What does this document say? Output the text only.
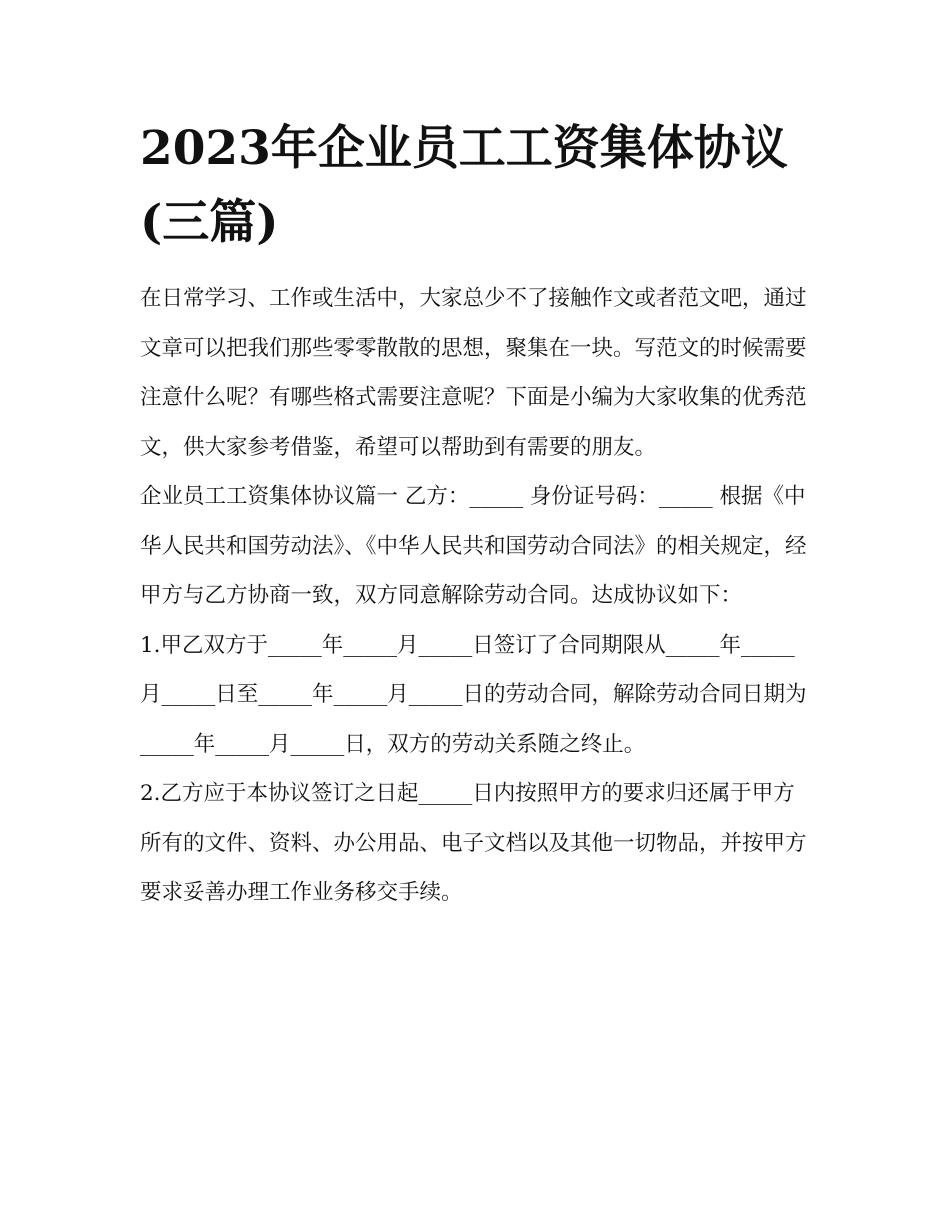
2023年企业员工工资集体协议(三篇)

在日常学习、工作或生活中，大家总少不了接触作文或者范文吧，通过文章可以把我们那些零零散散的思想，聚集在一块。写范文的时候需要注意什么呢？有哪些格式需要注意呢？下面是小编为大家收集的优秀范文，供大家参考借鉴，希望可以帮助到有需要的朋友。

企业员工工资集体协议篇一 乙方：_____ 身份证号码：_____ 根据《中华人民共和国劳动法》、《中华人民共和国劳动合同法》的相关规定，经甲方与乙方协商一致，双方同意解除劳动合同。达成协议如下：

1.甲乙双方于_____年_____月_____日签订了合同期限从_____年_____月_____日至_____年_____月_____日的劳动合同，解除劳动合同日期为_____年_____月_____日，双方的劳动关系随之终止。

2.乙方应于本协议签订之日起_____日内按照甲方的要求归还属于甲方所有的文件、资料、办公用品、电子文档以及其他一切物品，并按甲方要求妥善办理工作业务移交手续。
